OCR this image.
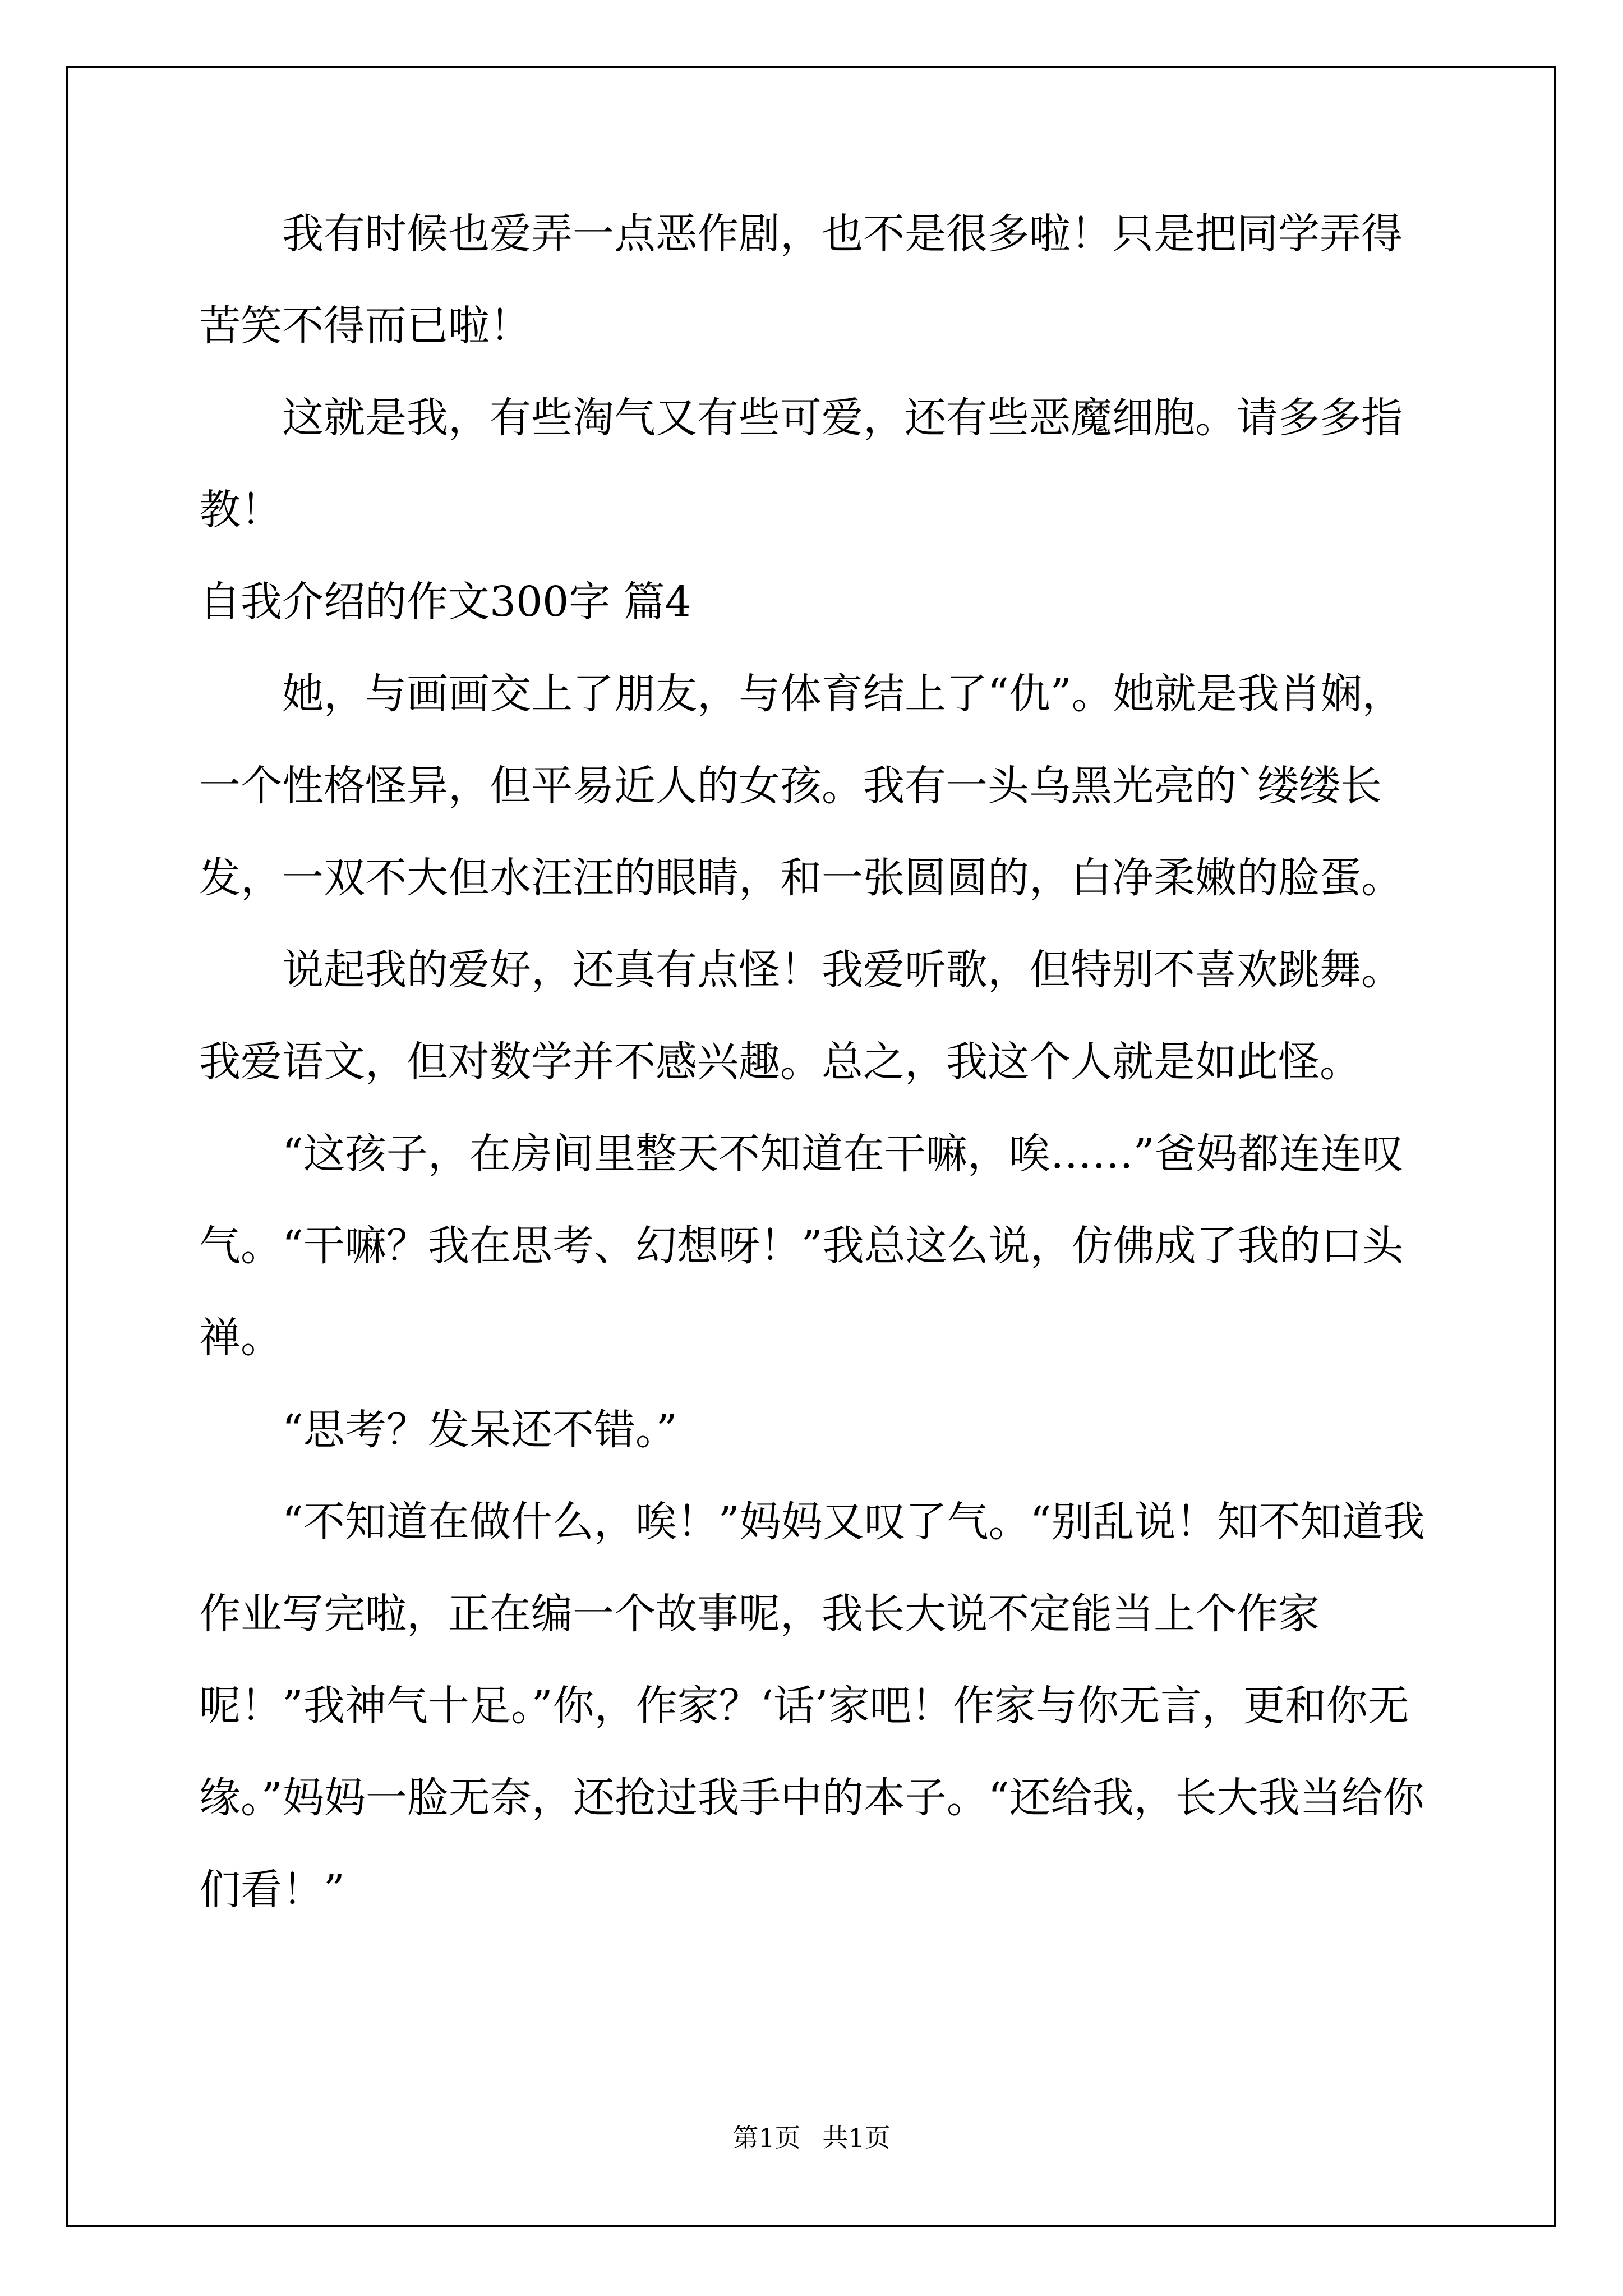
我有时候也爱弄一点恶作剧，也不是很多啦！只是把同学弄得苦笑不得而已啦！

这就是我，有些淘气又有些可爱，还有些恶魔细胞。请多多指教！

自我介绍的作文300字 篇4

她，与画画交上了朋友，与体育结上了“仇”。她就是我肖娴，一个性格怪异，但平易近人的女孩。我有一头乌黑光亮的`缕缕长发，一双不大但水汪汪的眼睛，和一张圆圆的，白净柔嫩的脸蛋。

说起我的爱好，还真有点怪！我爱听歌，但特别不喜欢跳舞。我爱语文，但对数学并不感兴趣。总之，我这个人就是如此怪。

“这孩子，在房间里整天不知道在干嘛，唉……”爸妈都连连叹气。“干嘛？我在思考、幻想呀！”我总这么说，仿佛成了我的口头禅。

“思考？发呆还不错。”

“不知道在做什么，唉！”妈妈又叹了气。“别乱说！知不知道我作业写完啦，正在编一个故事呢，我长大说不定能当上个作家呢！”我神气十足。”你，作家？‘话’家吧！作家与你无言，更和你无缘。”妈妈一脸无奈，还抢过我手中的本子。“还给我，长大我当给你们看！”

第1页 共1页
